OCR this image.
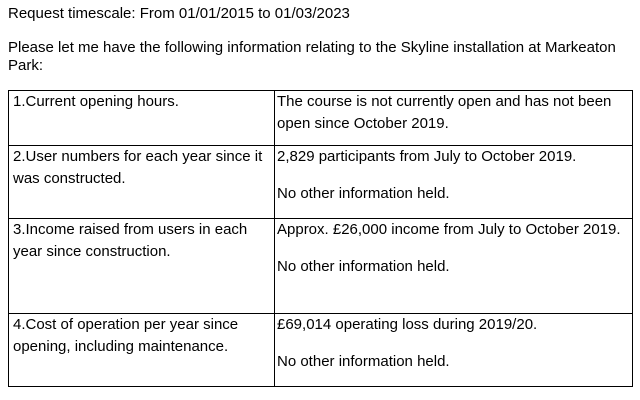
Request timescale: From 01/01/2015 to 01/03/2023
Please let me have the following information relating to the Skyline installation at Markeaton Park:
1.Current opening hours.	The course is not currently open and has not been open since October 2019.

2.User numbers for each year since it was constructed.	2,829 participants from July to October 2019.
No other information held.

3.Income raised from users in each year since construction.	Approx. £26,000 income from July to October 2019.
No other information held.

4.Cost of operation per year since opening, including maintenance.	£69,014 operating loss during 2019/20.
No other information held.
